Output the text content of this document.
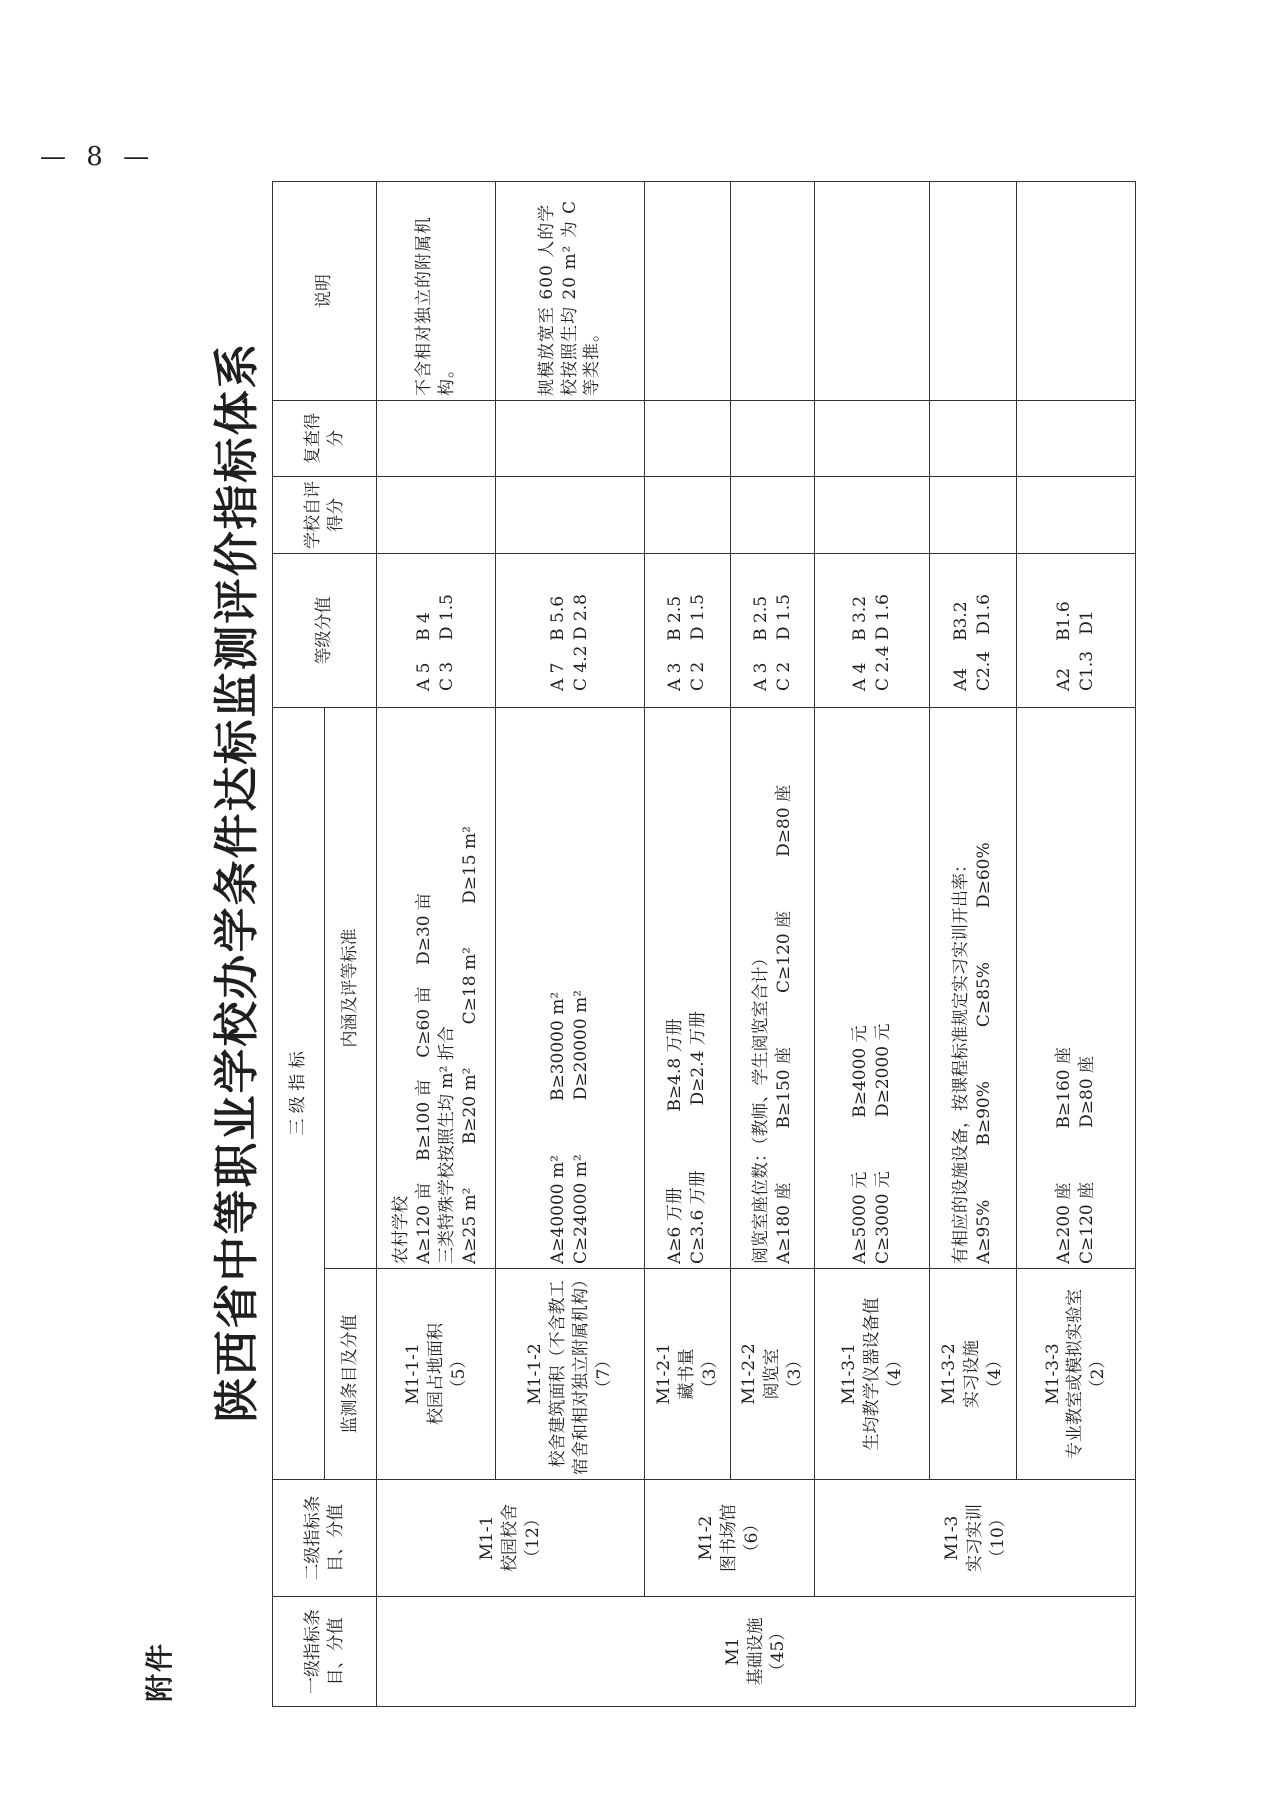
附件
陕西省中等职业学校办学条件达标监测评价指标体系
一级指标条目、分值	二级指标条目、分值	三 级 指 标		等级分值	学校自评得分	复查得分	说明
		监测条目及分值	内涵及评等标准				

M1 基础设施 （45）	M1-1 校园校舍 （12）	M1-1-1 校园占地面积 （5）	农村学校 A≥120 亩    B≥100 亩    C≥60 亩    D≥30 亩 三类特殊学校按照生均 m² 折合 A≥25 m²        B≥20 m²        C≥18 m²        D≥15 m²	A 5    B 4 C 3    D 1.5			不含相对独立的附属机构。

		M1-1-2 校舍建筑面积（不含教工宿舍和相对独立附属机构） （7）	A≥40000 m²          B≥30000 m² C≥24000 m²          D≥20000 m²	A 7    B 5.6 C 4.2 D 2.8			规模放宽至 600 人的学校按照生均 20 m² 为 C 等类推。

	M1-2 图书场馆 （6）	M1-2-1 藏书量 （3）	A≥6 万册              B≥4.8 万册 C≥3.6 万册            D≥2.4 万册	A 3    B 2.5 C 2    D 1.5			

		M1-2-2 阅览室 （3）	阅览室座位数：（教师、学生阅览室合计） A≥180 座          B≥150 座          C≥120 座          D≥80 座	A 3    B 2.5 C 2    D 1.5			

	M1-3 实习实训 （10）	M1-3-1 生均教学仪器设备值 （4）	A≥5000 元          B≥4000 元 C≥3000 元          D≥2000 元	A 4    B 3.2 C 2.4 D 1.6			

		M1-3-2 实习设施 （4）	有相应的设施设备，按课程标准规定实习实训开出率： A≥95%          B≥90%          C≥85%          D≥60%	A4     B3.2 C2.4   D1.6			

		M1-3-3 专业教室或模拟实验室 （2）	A≥200 座          B≥160 座 C≥120 座          D≥80 座	A2     B1.6 C1.3   D1			

— 8 —
